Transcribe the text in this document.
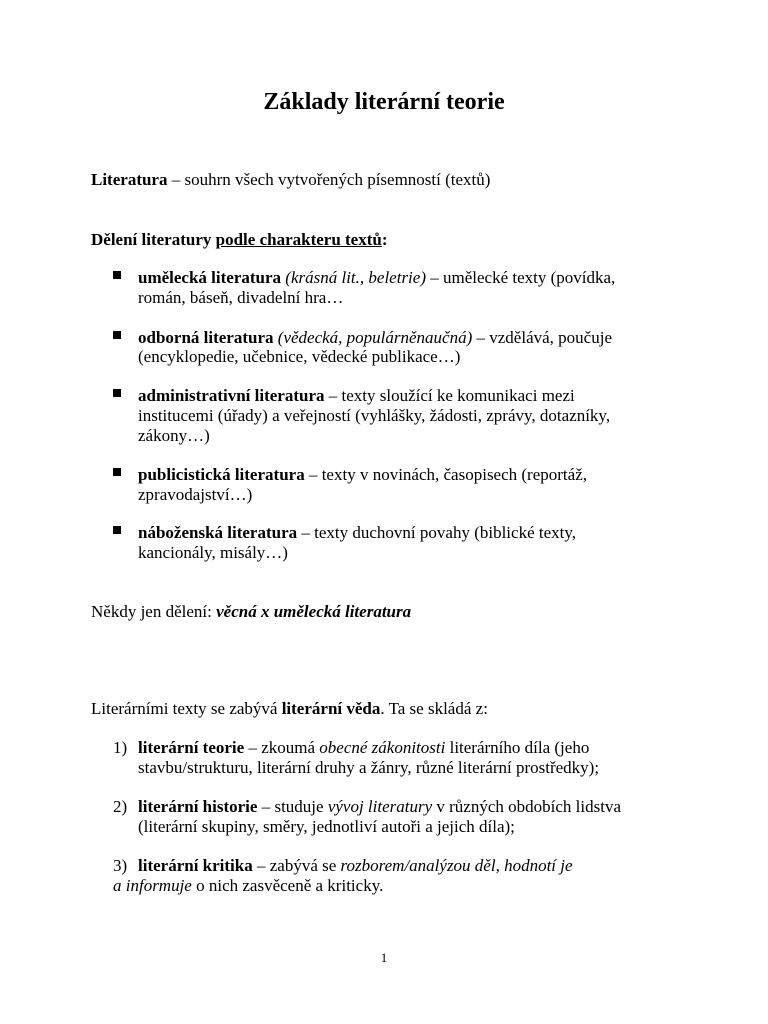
Základy literární teorie
Literatura – souhrn všech vytvořených písemností (textů)
Dělení literatury podle charakteru textů:
umělecká literatura (krásná lit., beletrie) – umělecké texty (povídka,
román, báseň, divadelní hra…
odborná literatura (vědecká, populárněnaučná) – vzdělává, poučuje
(encyklopedie, učebnice, vědecké publikace…)
administrativní literatura – texty sloužící ke komunikaci mezi
institucemi (úřady) a veřejností (vyhlášky, žádosti, zprávy, dotazníky,
zákony…)
publicistická literatura – texty v novinách, časopisech (reportáž,
zpravodajství…)
náboženská literatura – texty duchovní povahy (biblické texty,
kancionály, misály…)
Někdy jen dělení: věcná x umělecká literatura
Literárními texty se zabývá literární věda. Ta se skládá z:
1) literární teorie – zkoumá obecné zákonitosti literárního díla (jeho
stavbu/strukturu, literární druhy a žánry, různé literární prostředky);
2) literární historie – studuje vývoj literatury v různých obdobích lidstva
(literární skupiny, směry, jednotliví autoři a jejich díla);
3) literární kritika – zabývá se rozborem/analýzou děl, hodnotí je
a informuje o nich zasvěceně a kriticky.
1
